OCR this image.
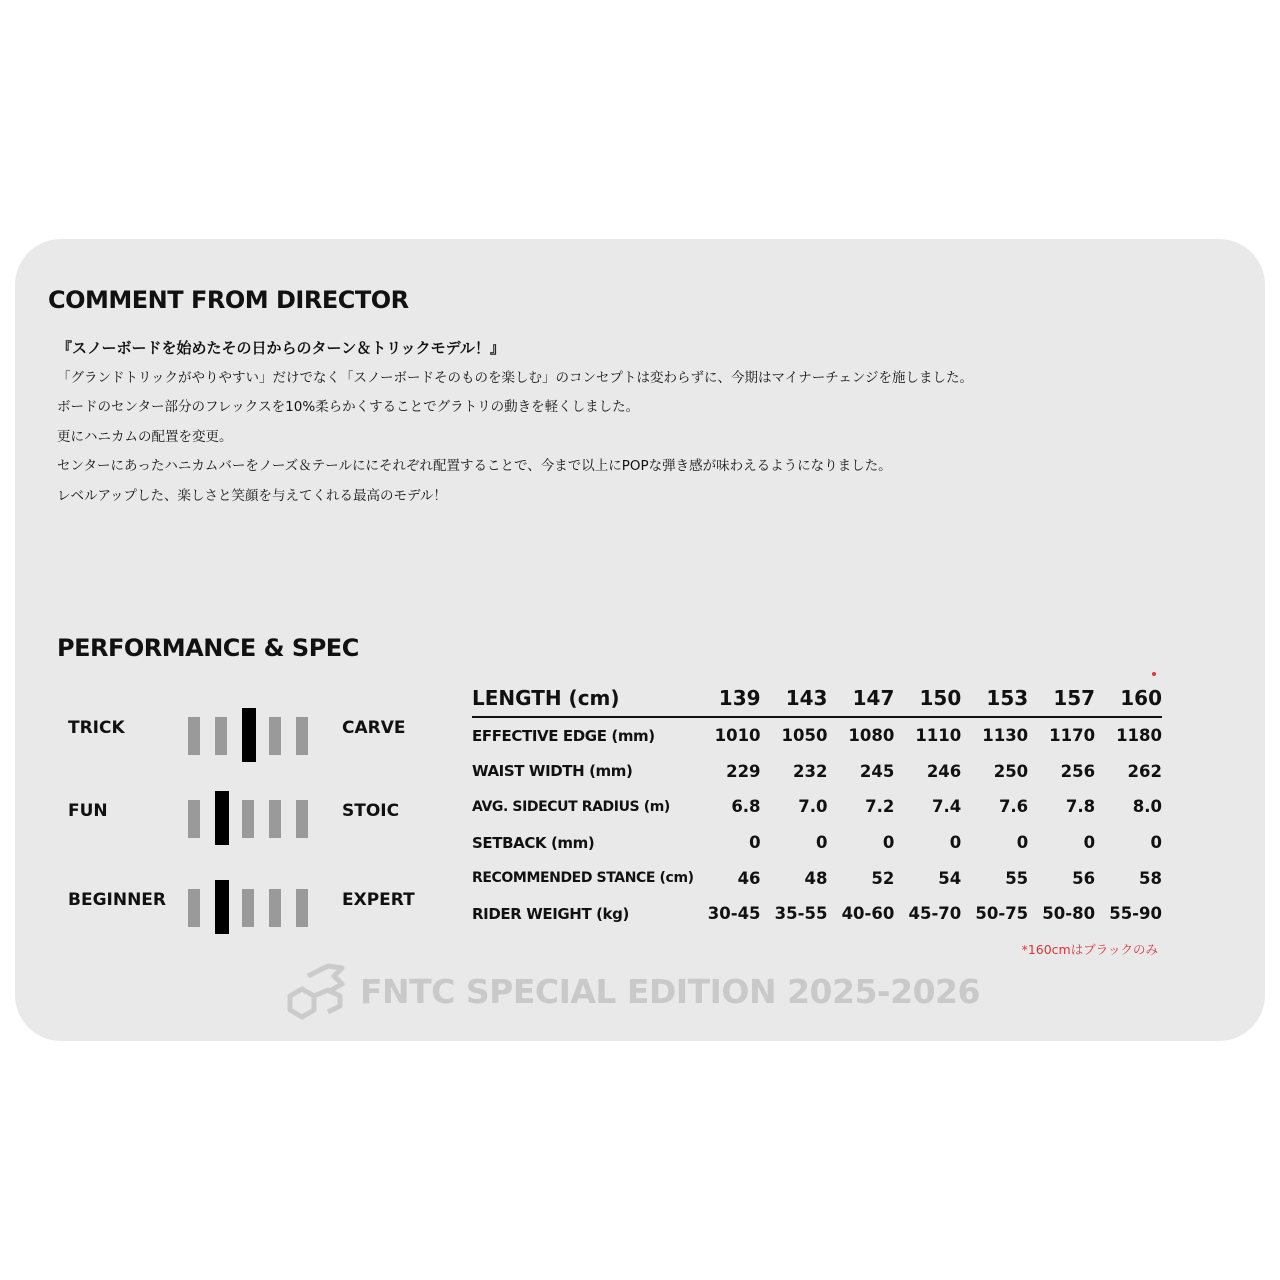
COMMENT FROM DIRECTOR
『スノーボードを始めたその日からのターン＆トリックモデル！』
「グランドトリックがやりやすい」だけでなく「スノーボードそのものを楽しむ」のコンセプトは変わらずに、今期はマイナーチェンジを施しました。
ボードのセンター部分のフレックスを10%柔らかくすることでグラトリの動きを軽くしました。
更にハニカムの配置を変更。
センターにあったハニカムバーをノーズ＆テールににそれぞれ配置することで、今まで以上にPOPな弾き感が味わえるようになりました。
レベルアップした、楽しさと笑顔を与えてくれる最高のモデル！
PERFORMANCE & SPEC
TRICK	CARVE
FUN	STOIC
BEGINNER	EXPERT
LENGTH (cm)	139	143	147	150	153	157	160
EFFECTIVE EDGE (mm)	1010	1050	1080	1110	1130	1170	1180
WAIST WIDTH (mm)	229	232	245	246	250	256	262
AVG. SIDECUT RADIUS (m)	6.8	7.0	7.2	7.4	7.6	7.8	8.0
SETBACK (mm)	0	0	0	0	0	0	0
RECOMMENDED STANCE (cm)	46	48	52	54	55	56	58
RIDER WEIGHT (kg)	30-45	35-55	40-60	45-70	50-75	50-80	55-90
*160cmはブラックのみ
FNTC SPECIAL EDITION 2025-2026
